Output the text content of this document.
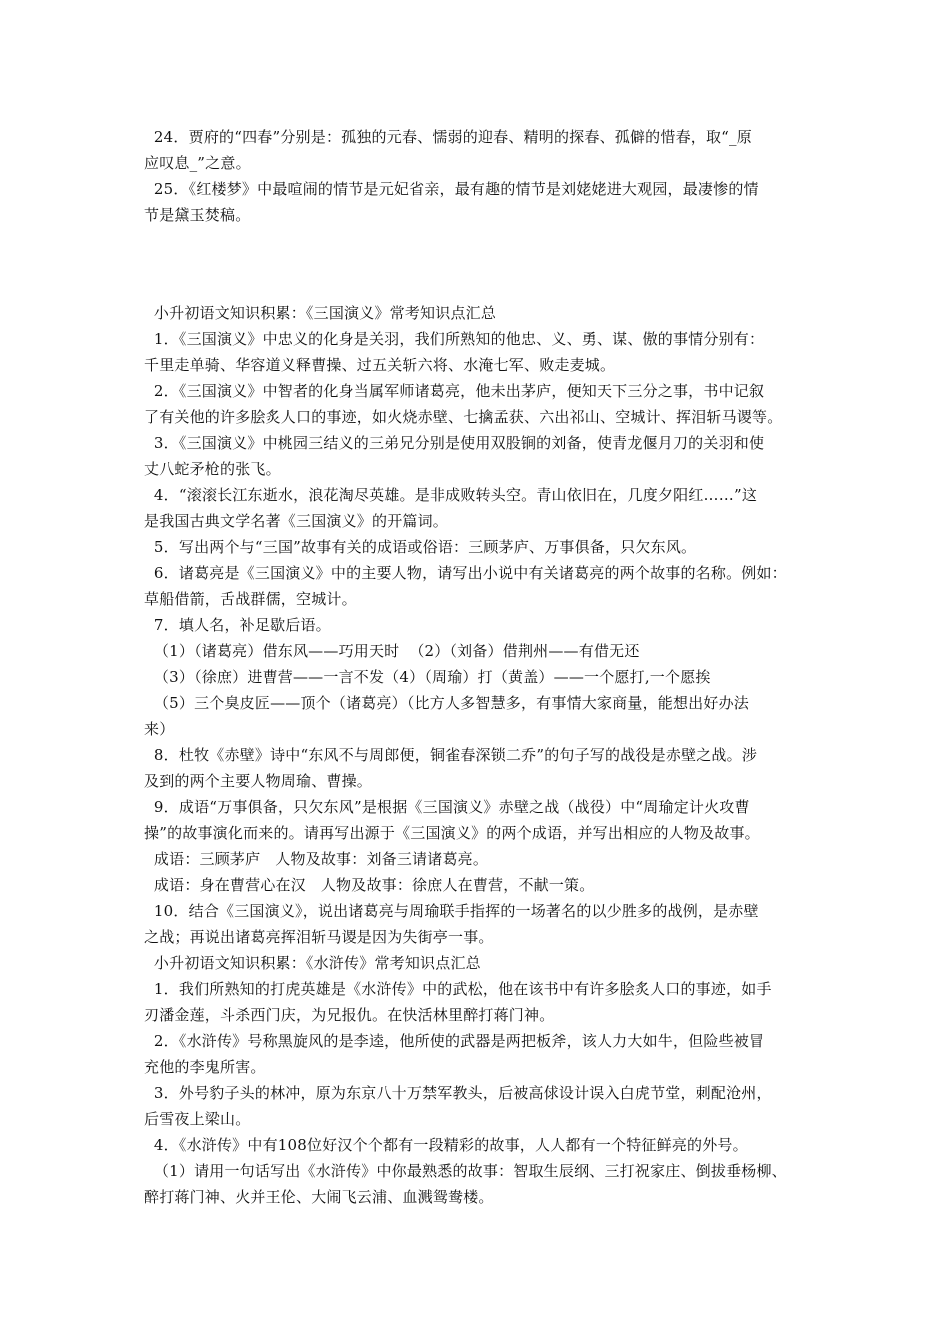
24．贾府的“四春”分别是：孤独的元春、懦弱的迎春、精明的探春、孤僻的惜春，取“_原

应叹息_”之意。

25．《红楼梦》中最喧闹的情节是元妃省亲，最有趣的情节是刘姥姥进大观园，最凄惨的情

节是黛玉焚稿。

小升初语文知识积累：《三国演义》常考知识点汇总

1．《三国演义》中忠义的化身是关羽，我们所熟知的他忠、义、勇、谋、傲的事情分别有：

千里走单骑、华容道义释曹操、过五关斩六将、水淹七军、败走麦城。

2．《三国演义》中智者的化身当属军师诸葛亮，他未出茅庐，便知天下三分之事，书中记叙

了有关他的许多脍炙人口的事迹，如火烧赤壁、七擒孟获、六出祁山、空城计、挥泪斩马谡等。

3．《三国演义》中桃园三结义的三弟兄分别是使用双股锏的刘备，使青龙偃月刀的关羽和使

丈八蛇矛枪的张飞。

4．“滚滚长江东逝水，浪花淘尽英雄。是非成败转头空。青山依旧在，几度夕阳红……”这

是我国古典文学名著《三国演义》的开篇词。

5．写出两个与“三国”故事有关的成语或俗语：三顾茅庐、万事俱备，只欠东风。

6．诸葛亮是《三国演义》中的主要人物，请写出小说中有关诸葛亮的两个故事的名称。例如：

草船借箭，舌战群儒，空城计。

7．填人名，补足歇后语。

（1）（诸葛亮）借东风——巧用天时  （2）（刘备）借荆州——有借无还

（3）（徐庶）进曹营——一言不发（4）（周瑜）打（黄盖）——一个愿打,一个愿挨

（5）三个臭皮匠——顶个（诸葛亮）（比方人多智慧多，有事情大家商量，能想出好办法

来）

8．杜牧《赤壁》诗中“东风不与周郎便，铜雀春深锁二乔”的句子写的战役是赤壁之战。涉

及到的两个主要人物周瑜、曹操。

9．成语“万事俱备，只欠东风”是根据《三国演义》赤壁之战（战役）中“周瑜定计火攻曹

操”的故事演化而来的。请再写出源于《三国演义》的两个成语，并写出相应的人物及故事。

成语：三顾茅庐   人物及故事：刘备三请诸葛亮。

成语：身在曹营心在汉   人物及故事：徐庶人在曹营，不献一策。

10．结合《三国演义》，说出诸葛亮与周瑜联手指挥的一场著名的以少胜多的战例，是赤壁

之战；再说出诸葛亮挥泪斩马谡是因为失街亭一事。

小升初语文知识积累：《水浒传》常考知识点汇总

1．我们所熟知的打虎英雄是《水浒传》中的武松，他在该书中有许多脍炙人口的事迹，如手

刃潘金莲，斗杀西门庆，为兄报仇。在快活林里醉打蒋门神。

2．《水浒传》号称黑旋风的是李逵，他所使的武器是两把板斧，该人力大如牛，但险些被冒

充他的李鬼所害。

3．外号豹子头的林冲，原为东京八十万禁军教头，后被高俅设计误入白虎节堂，刺配沧州，

后雪夜上梁山。

4．《水浒传》中有108位好汉个个都有一段精彩的故事，人人都有一个特征鲜亮的外号。

（1）请用一句话写出《水浒传》中你最熟悉的故事：智取生辰纲、三打祝家庄、倒拔垂杨柳、

醉打蒋门神、火并王伦、大闹飞云浦、血溅鸳鸯楼。
